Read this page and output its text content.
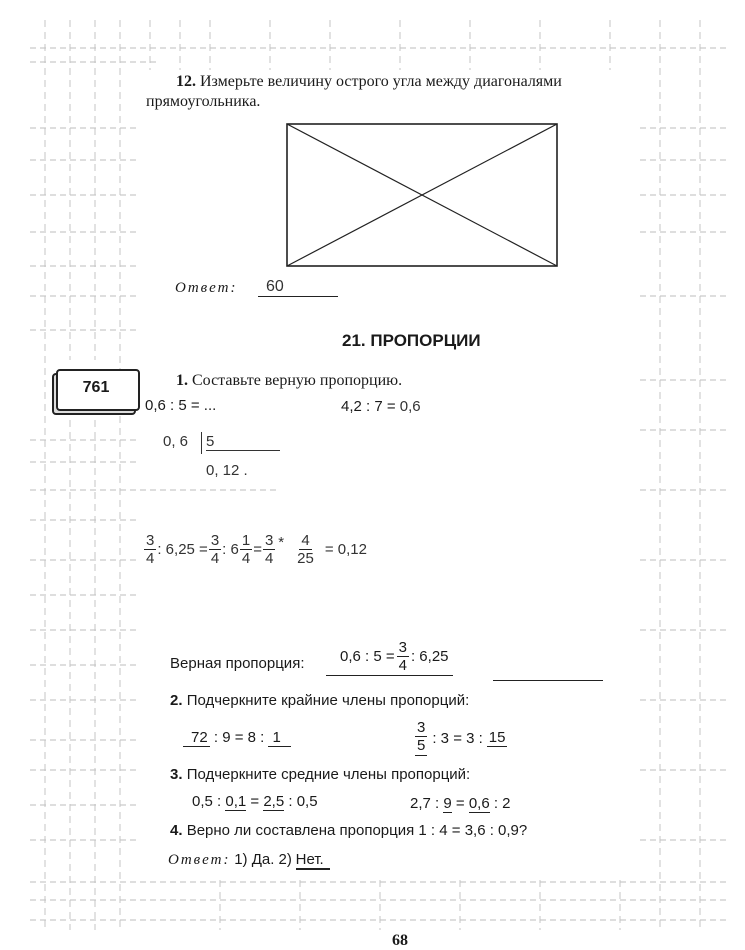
12. Измерьте величину острого угла между диагоналями
прямоугольника.
Ответ:	60
21. ПРОПОРЦИИ
761	1. Составьте верную пропорцию.
0,6 : 5 = ...	4,2 : 7 = 0,6
0, 6 5
0, 12 .
$\frac{3}{4}$ : $6,25 = \frac{3}{4}$ : $6 \frac{1}{4} = \frac{3}{4} * \frac{4}{25} = 0,12$
Верная пропорция: 0,6 : $5 = \frac{3}{4}$ : 6,25
2. Подчеркните крайние члены пропорций:
72 : 9 = 8 : 1	$\frac{3}{5}$ : 3 = 3 : 15
3. Подчеркните средние члены пропорций:
0,5 : 0,1 = 2,5 : 0,5	2,7 : 9 = 0,6 : 2
4. Верно ли составлена пропорция 1 : 4 = 3,6 : 0,9?
Ответ: 1) Да. 2) Нет.
68
